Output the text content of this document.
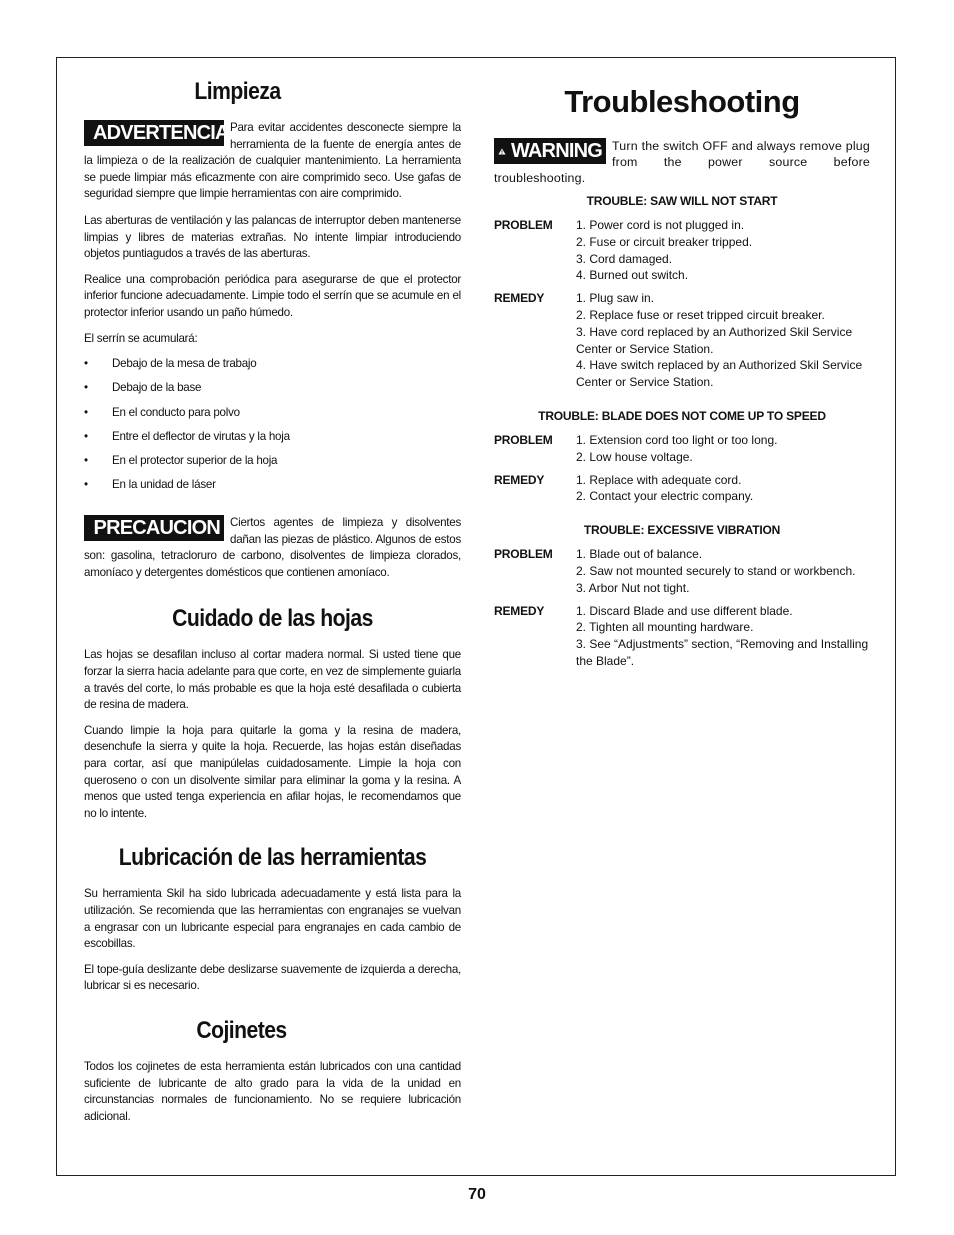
Limpieza
ADVERTENCIA Para evitar accidentes desconecte siempre la herramienta de la fuente de energía antes de la limpieza o de la realización de cualquier mantenimiento. La herramienta se puede limpiar más eficazmente con aire comprimido seco. Use gafas de seguridad siempre que limpie herramientas con aire comprimido.

Las aberturas de ventilación y las palancas de interruptor deben mantenerse limpias y libres de materias extrañas. No intente limpiar introduciendo objetos puntiagudos a través de las aberturas.

Realice una comprobación periódica para asegurarse de que el protector inferior funcione adecuadamente. Limpie todo el serrín que se acumule en el protector inferior usando un paño húmedo.

El serrín se acumulará:

• Debajo de la mesa de trabajo
• Debajo de la base
• En el conducto para polvo
• Entre el deflector de virutas y la hoja
• En el protector superior de la hoja
• En la unidad de láser
PRECAUCION Ciertos agentes de limpieza y disolventes dañan las piezas de plástico. Algunos de estos son: gasolina, tetracloruro de carbono, disolventes de limpieza clorados, amoníaco y detergentes domésticos que contienen amoníaco.
Cuidado de las hojas

Las hojas se desafilan incluso al cortar madera normal. Si usted tiene que forzar la sierra hacia adelante para que corte, en vez de simplemente guiarla a través del corte, lo más probable es que la hoja esté desafilada o cubierta de resina de madera.

Cuando limpie la hoja para quitarle la goma y la resina de madera, desenchufe la sierra y quite la hoja. Recuerde, las hojas están diseñadas para cortar, así que manipúlelas cuidadosamente. Limpie la hoja con queroseno o con un disolvente similar para eliminar la goma y la resina. A menos que usted tenga experiencia en afilar hojas, le recomendamos que no lo intente.

Lubricación de las herramientas

Su herramienta Skil ha sido lubricada adecuadamente y está lista para la utilización. Se recomienda que las herramientas con engranajes se vuelvan a engrasar con un lubricante especial para engranajes en cada cambio de escobillas.

El tope-guía deslizante debe deslizarse suavemente de izquierda a derecha, lubricar si es necesario.

Cojinetes

Todos los cojinetes de esta herramienta están lubricados con una cantidad suficiente de lubricante de alto grado para la vida de la unidad en circunstancias normales de funcionamiento. No se requiere lubricación adicional.

Troubleshooting
WARNING Turn the switch OFF and always remove plug from the power source before troubleshooting.
TROUBLE: SAW WILL NOT START
PROBLEM	1. Power cord is not plugged in.
2. Fuse or circuit breaker tripped.
3. Cord damaged.
4. Burned out switch.
REMEDY	1. Plug saw in.
2. Replace fuse or reset tripped circuit breaker.
3. Have cord replaced by an Authorized Skil Service Center or Service Station.
4. Have switch replaced by an Authorized Skil Service Center or Service Station.
TROUBLE: BLADE DOES NOT COME UP TO SPEED
PROBLEM	1. Extension cord too light or too long.
2. Low house voltage.
REMEDY	1. Replace with adequate cord.
2. Contact your electric company.
TROUBLE: EXCESSIVE VIBRATION
PROBLEM	1. Blade out of balance.
2. Saw not mounted securely to stand or workbench.
3. Arbor Nut not tight.
REMEDY	1. Discard Blade and use different blade.
2. Tighten all mounting hardware.
3. See “Adjustments” section, “Removing and Installing the Blade”.
70
